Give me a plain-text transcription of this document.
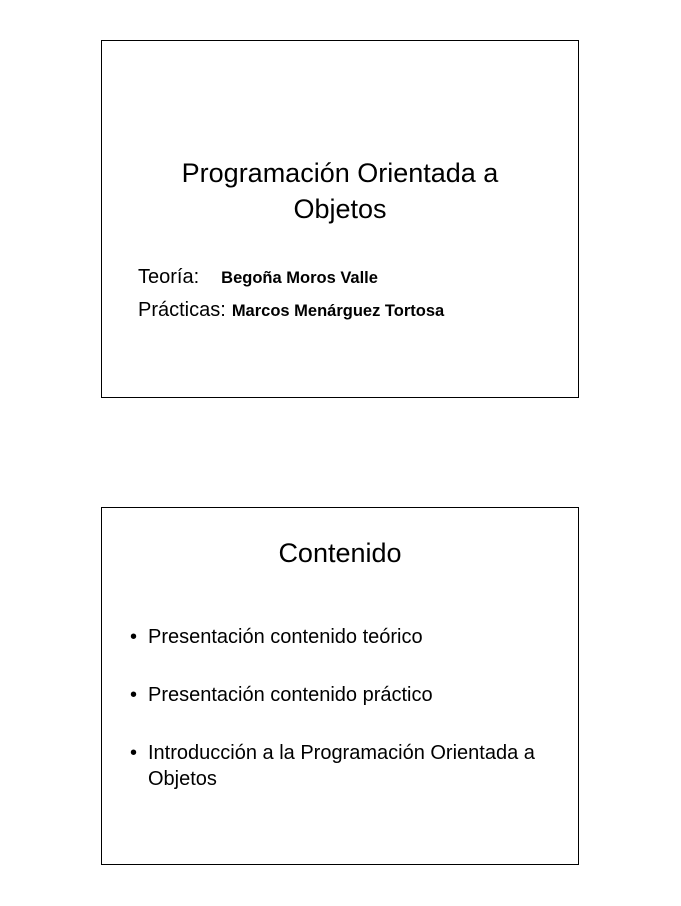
Programación Orientada a
Objetos
Teoría: Begoña Moros Valle
Prácticas: Marcos Menárguez Tortosa
Contenido
• Presentación contenido teórico
• Presentación contenido práctico
• Introducción a la Programación Orientada a Objetos
